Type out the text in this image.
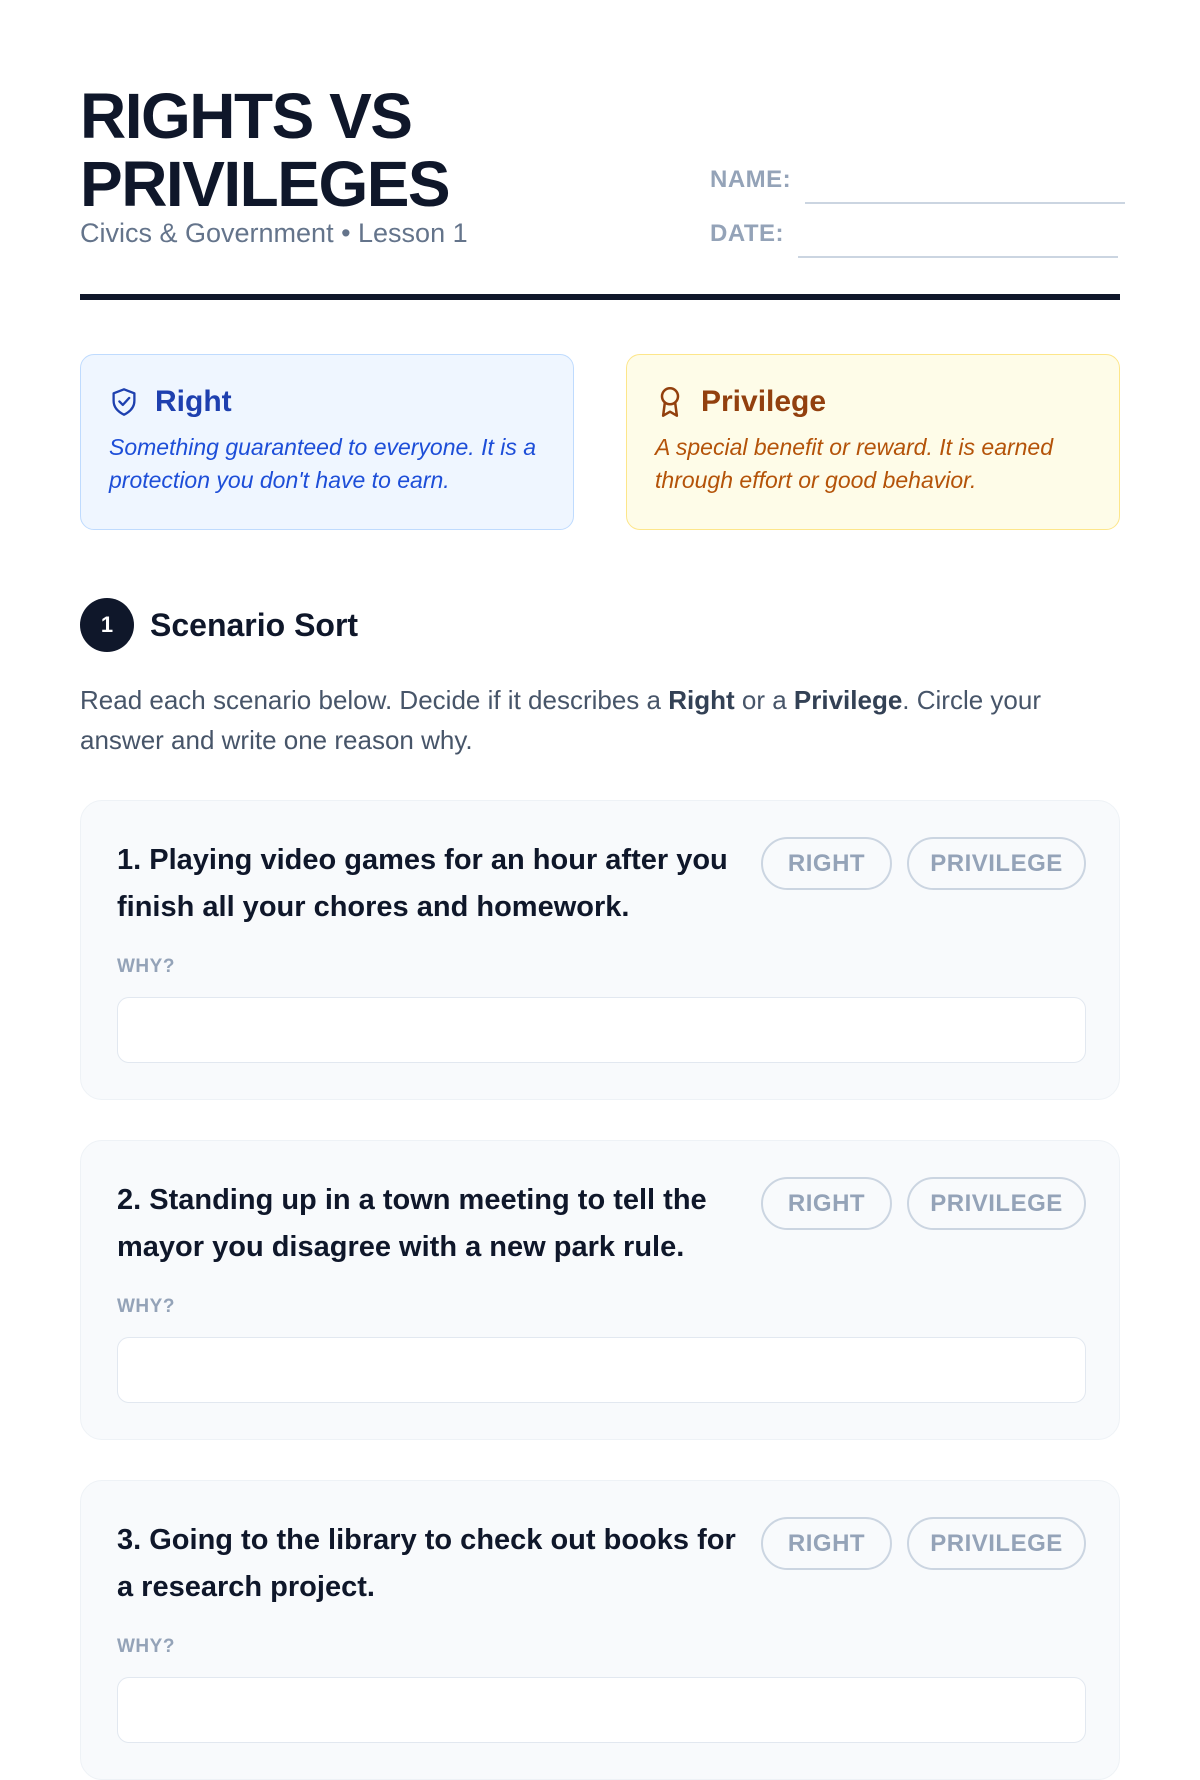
RIGHTS VS PRIVILEGES
Civics & Government • Lesson 1
NAME:
DATE:
Right
Something guaranteed to everyone. It is a protection you don't have to earn.
Privilege
A special benefit or reward. It is earned through effort or good behavior.
1	Scenario Sort

Read each scenario below. Decide if it describes a Right or a Privilege. Circle your answer and write one reason why.

1. Playing video games for an hour after you finish all your chores and homework.
RIGHT	PRIVILEGE
WHY?
2. Standing up in a town meeting to tell the mayor you disagree with a new park rule.
RIGHT	PRIVILEGE
WHY?
3. Going to the library to check out books for a research project.
RIGHT	PRIVILEGE
WHY?
